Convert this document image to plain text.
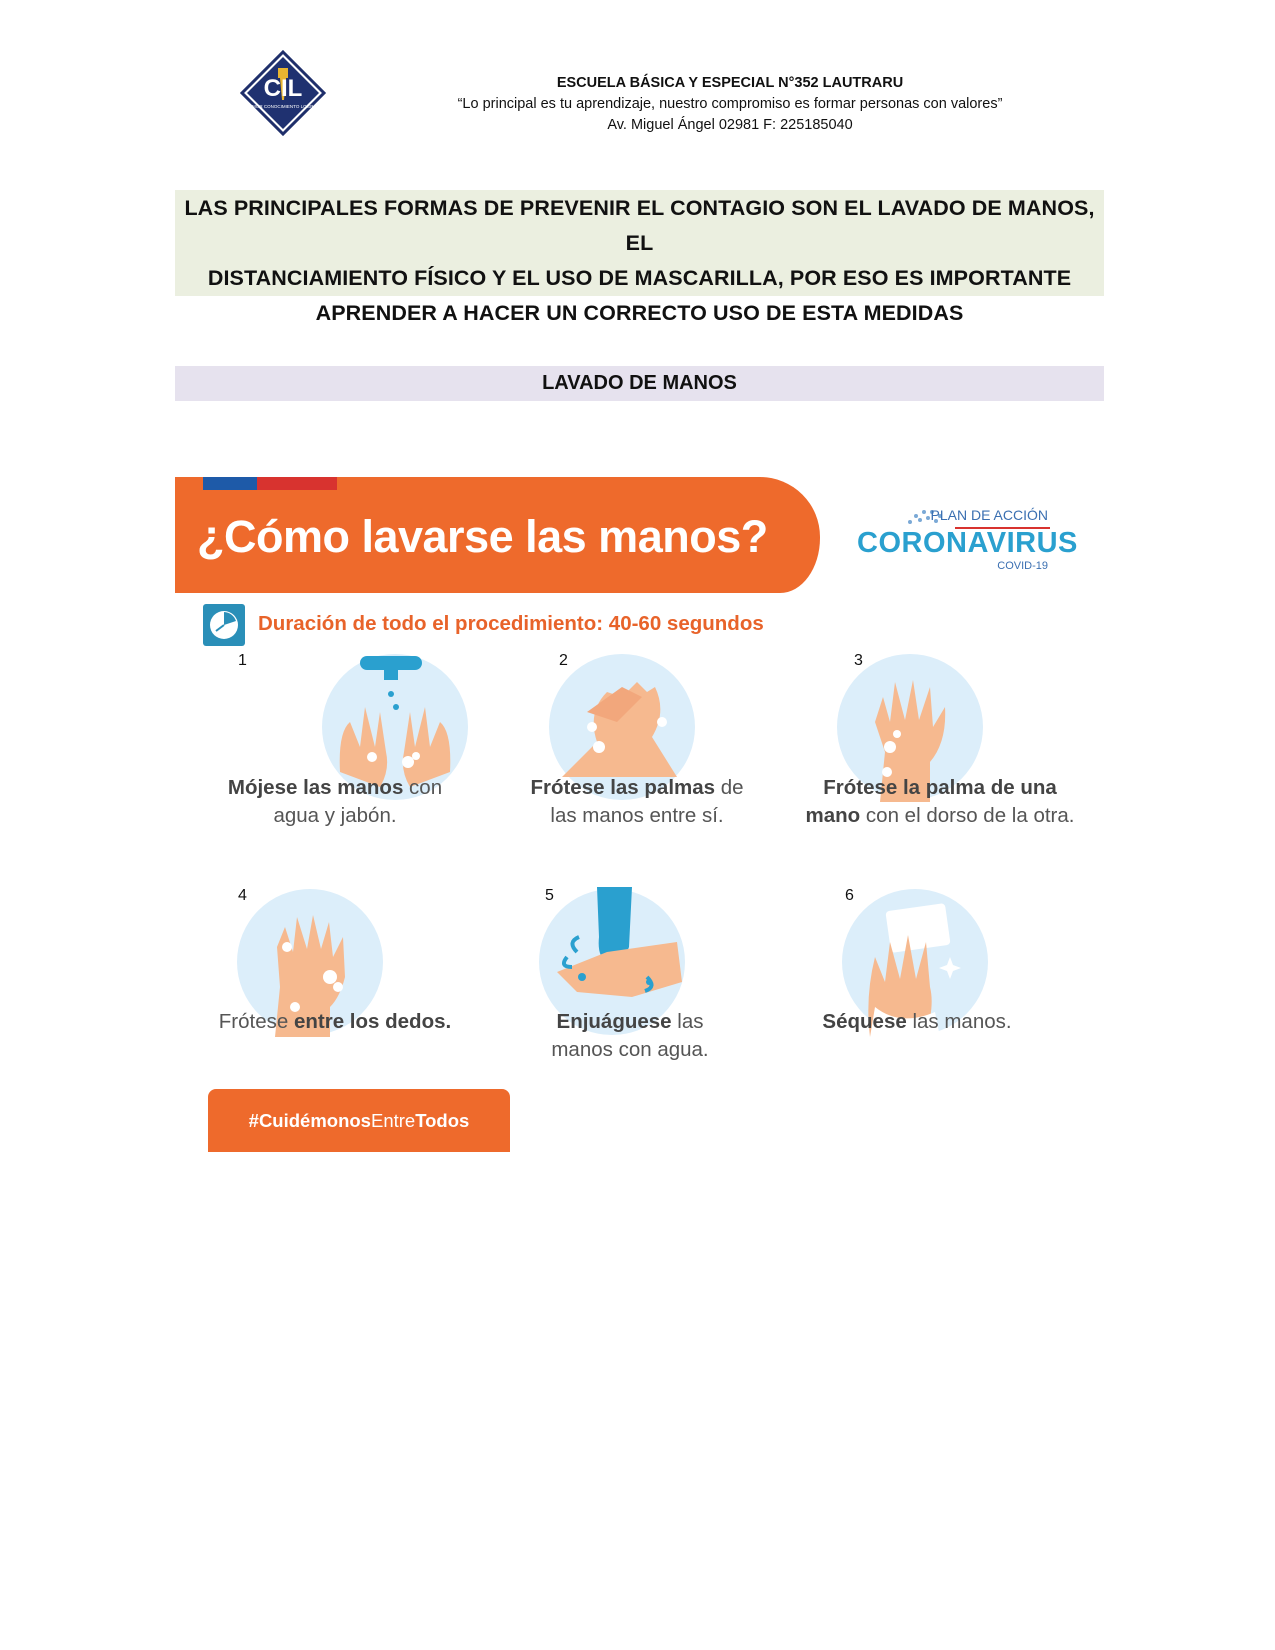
CIL
AMOR CONOCIMIENTO LOGRO
ESCUELA BÁSICA Y ESPECIAL N°352 LAUTRARU
“Lo principal es tu aprendizaje, nuestro compromiso es formar personas con valores”
Av. Miguel Ángel 02981 F: 225185040
LAS PRINCIPALES FORMAS DE PREVENIR EL CONTAGIO SON EL LAVADO DE MANOS, EL
DISTANCIAMIENTO FÍSICO Y EL USO DE MASCARILLA, POR ESO ES IMPORTANTE
APRENDER A HACER UN CORRECTO USO DE ESTA MEDIDAS
LAVADO DE MANOS
¿Cómo lavarse las manos?	PLAN DE ACCIÓN
CORONAVIRUS
COVID-19
Duración de todo el procedimiento: 40-60 segundos
1
Mójese las manos con
agua y jabón.
2
Frótese las palmas de
las manos entre sí.
3
Frótese la palma de una
mano con el dorso de la otra.
4
Frótese entre los dedos.
5
Enjuáguese las
manos con agua.
6
Séquese las manos.
#CuidémonosEntreTodos
